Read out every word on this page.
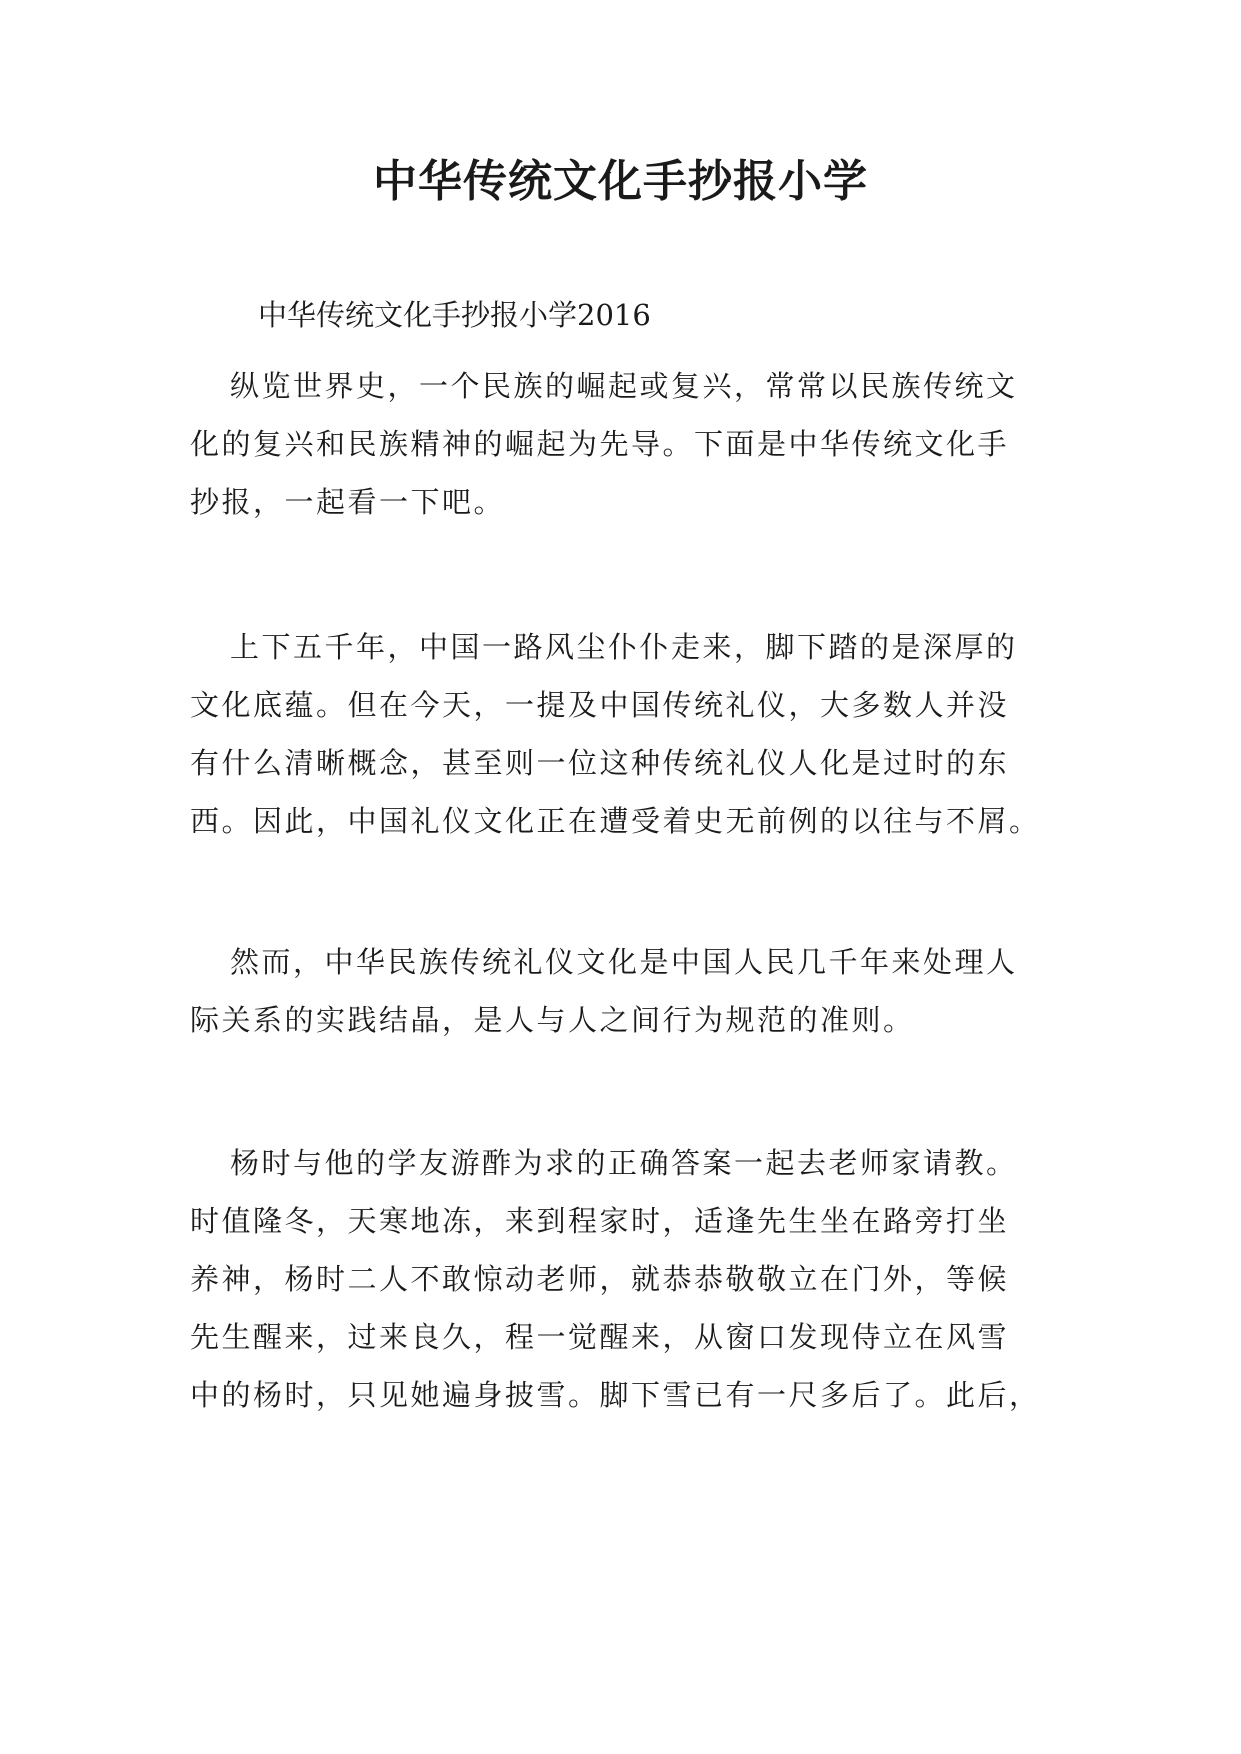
中华传统文化手抄报小学

中华传统文化手抄报小学2016

纵览世界史，一个民族的崛起或复兴，常常以民族传统文
化的复兴和民族精神的崛起为先导。下面是中华传统文化手
抄报，一起看一下吧。
上下五千年，中国一路风尘仆仆走来，脚下踏的是深厚的
文化底蕴。但在今天，一提及中国传统礼仪，大多数人并没
有什么清晰概念，甚至则一位这种传统礼仪人化是过时的东
西。因此，中国礼仪文化正在遭受着史无前例的以往与不屑。
然而，中华民族传统礼仪文化是中国人民几千年来处理人
际关系的实践结晶，是人与人之间行为规范的准则。
杨时与他的学友游酢为求的正确答案一起去老师家请教。
时值隆冬，天寒地冻，来到程家时，适逢先生坐在路旁打坐
养神，杨时二人不敢惊动老师，就恭恭敬敬立在门外，等候
先生醒来，过来良久，程一觉醒来，从窗口发现侍立在风雪
中的杨时，只见她遍身披雪。脚下雪已有一尺多后了。此后，
